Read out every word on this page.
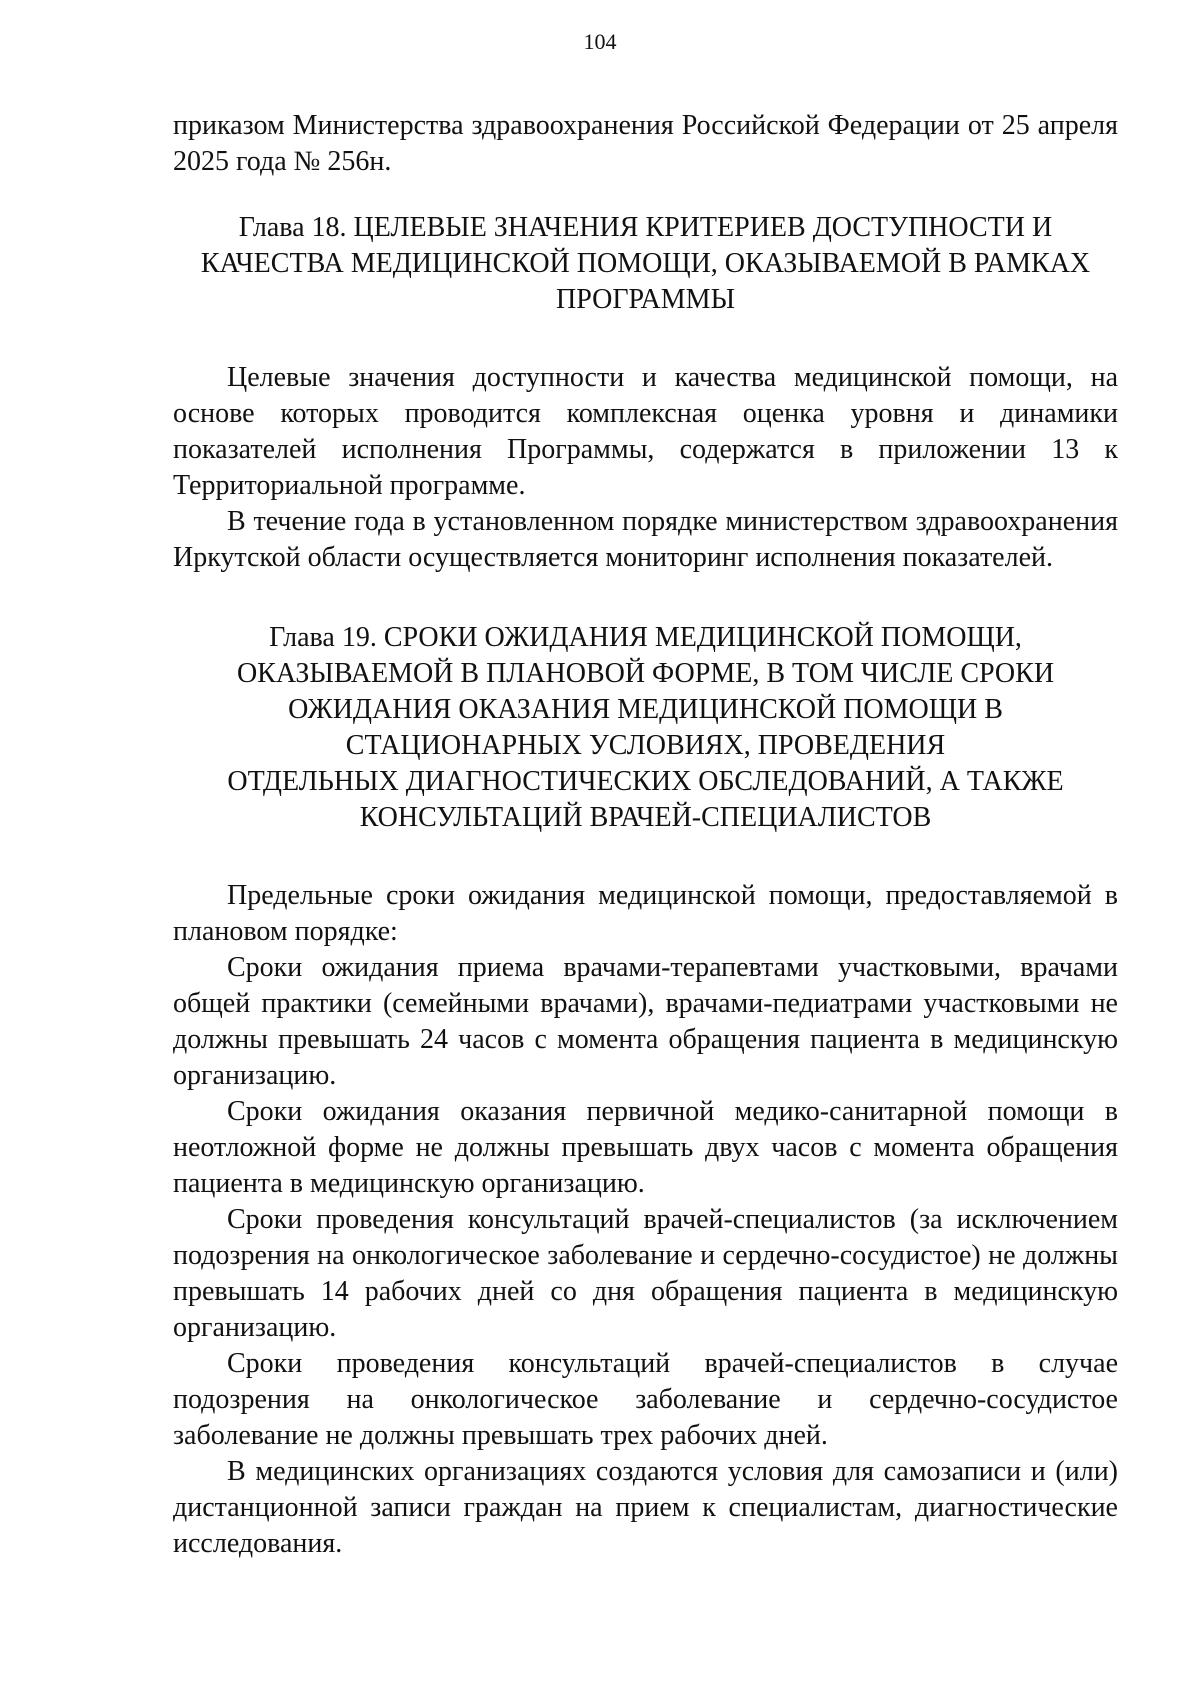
104

приказом Министерства здравоохранения Российской Федерации от 25 апреля 2025 года № 256н.

Глава 18. ЦЕЛЕВЫЕ ЗНАЧЕНИЯ КРИТЕРИЕВ ДОСТУПНОСТИ И
КАЧЕСТВА МЕДИЦИНСКОЙ ПОМОЩИ, ОКАЗЫВАЕМОЙ В РАМКАХ
ПРОГРАММЫ

Целевые значения доступности и качества медицинской помощи, на основе которых проводится комплексная оценка уровня и динамики показателей исполнения Программы, содержатся в приложении 13 к Территориальной программе.

В течение года в установленном порядке министерством здравоохранения Иркутской области осуществляется мониторинг исполнения показателей.

Глава 19. СРОКИ ОЖИДАНИЯ МЕДИЦИНСКОЙ ПОМОЩИ,
ОКАЗЫВАЕМОЙ В ПЛАНОВОЙ ФОРМЕ, В ТОМ ЧИСЛЕ СРОКИ
ОЖИДАНИЯ ОКАЗАНИЯ МЕДИЦИНСКОЙ ПОМОЩИ В
СТАЦИОНАРНЫХ УСЛОВИЯХ, ПРОВЕДЕНИЯ
ОТДЕЛЬНЫХ ДИАГНОСТИЧЕСКИХ ОБСЛЕДОВАНИЙ, А ТАКЖЕ
КОНСУЛЬТАЦИЙ ВРАЧЕЙ-СПЕЦИАЛИСТОВ

Предельные сроки ожидания медицинской помощи, предоставляемой в плановом порядке:

Сроки ожидания приема врачами-терапевтами участковыми, врачами общей практики (семейными врачами), врачами-педиатрами участковыми не должны превышать 24 часов с момента обращения пациента в медицинскую организацию.

Сроки ожидания оказания первичной медико-санитарной помощи в неотложной форме не должны превышать двух часов с момента обращения пациента в медицинскую организацию.

Сроки проведения консультаций врачей-специалистов (за исключением подозрения на онкологическое заболевание и сердечно-сосудистое) не должны превышать 14 рабочих дней со дня обращения пациента в медицинскую организацию.

Сроки проведения консультаций врачей-специалистов в случае подозрения на онкологическое заболевание и сердечно-сосудистое заболевание не должны превышать трех рабочих дней.

В медицинских организациях создаются условия для самозаписи и (или) дистанционной записи граждан на прием к специалистам, диагностические исследования.
